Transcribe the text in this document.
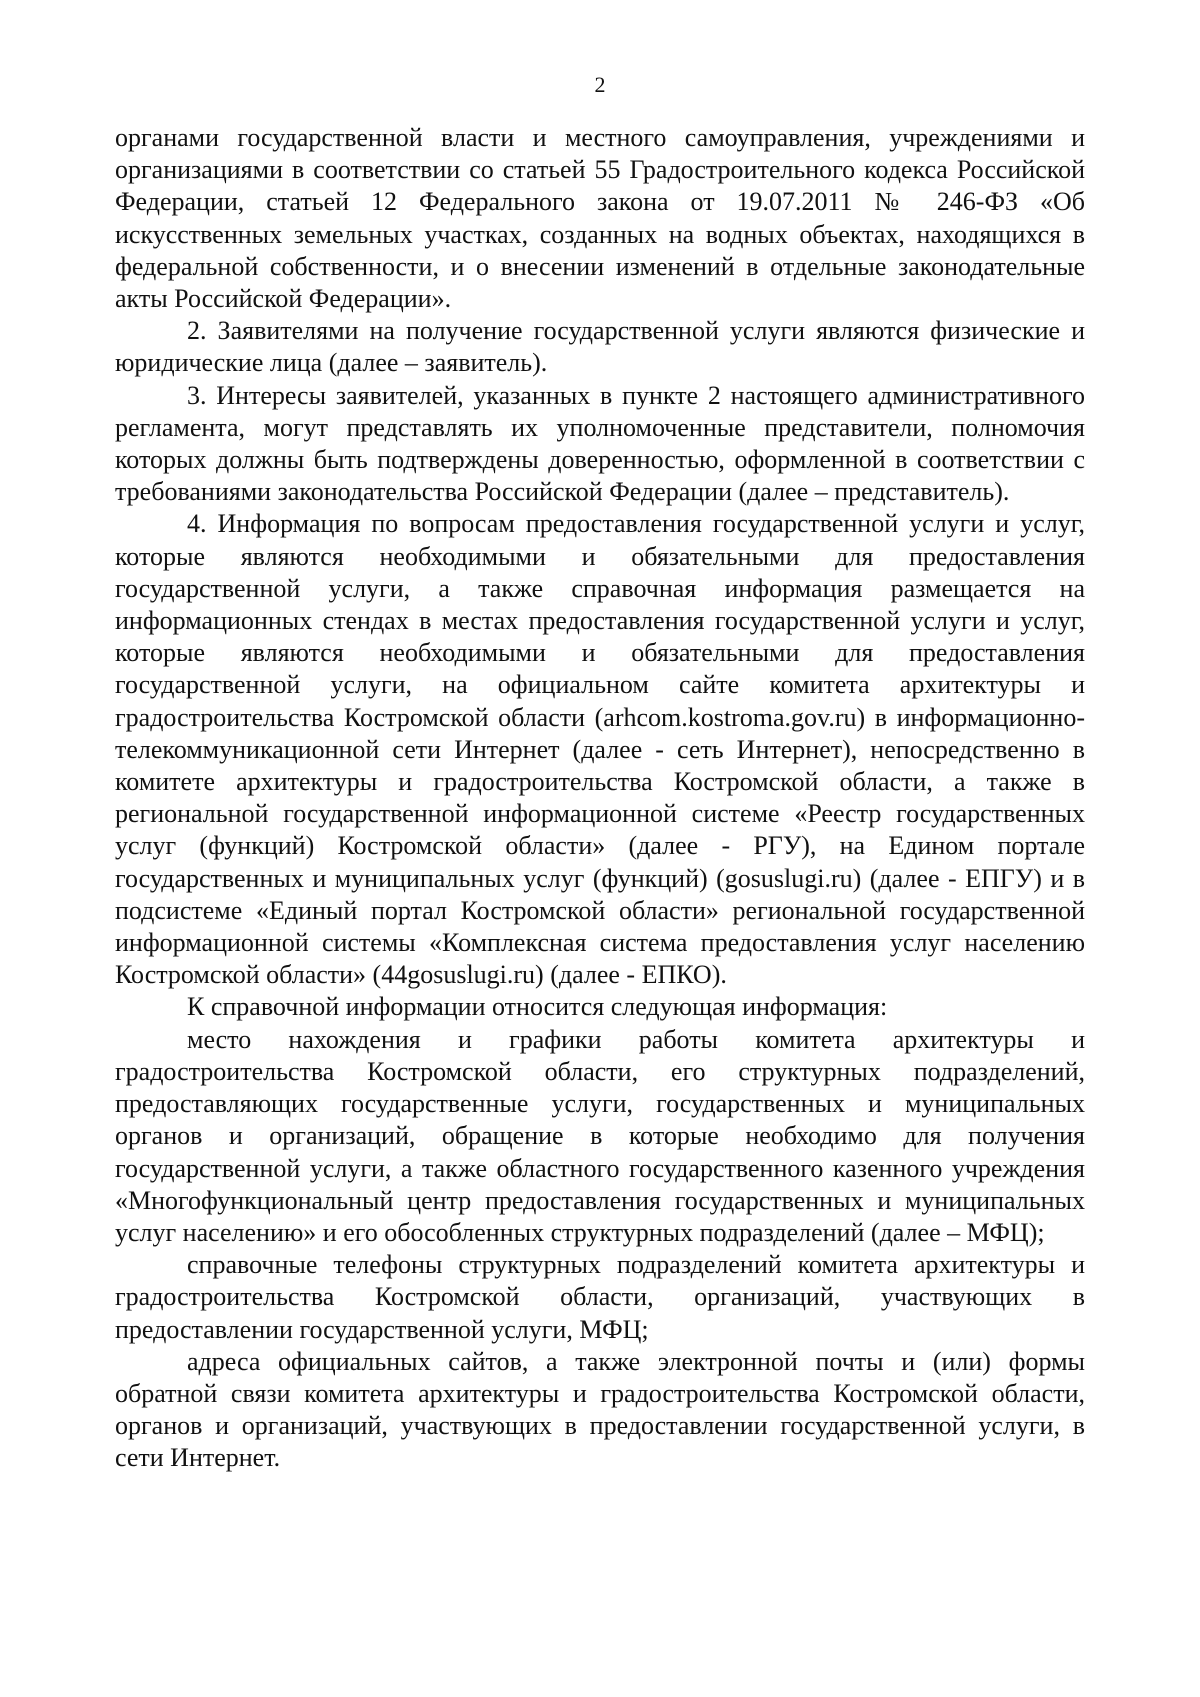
2

органами государственной власти и местного самоуправления, учреждениями и организациями в соответствии со статьей 55 Градостроительного кодекса Российской Федерации, статьей 12 Федерального закона от 19.07.2011 № 246-ФЗ «Об искусственных земельных участках, созданных на водных объектах, находящихся в федеральной собственности, и о внесении изменений в отдельные законодательные акты Российской Федерации».

2. Заявителями на получение государственной услуги являются физические и юридические лица (далее – заявитель).

3. Интересы заявителей, указанных в пункте 2 настоящего административного регламента, могут представлять их уполномоченные представители, полномочия которых должны быть подтверждены доверенностью, оформленной в соответствии с требованиями законодательства Российской Федерации (далее – представитель).

4. Информация по вопросам предоставления государственной услуги и услуг, которые являются необходимыми и обязательными для предоставления государственной услуги, а также справочная информация размещается на информационных стендах в местах предоставления государственной услуги и услуг, которые являются необходимыми и обязательными для предоставления государственной услуги, на официальном сайте комитета архитектуры и градостроительства Костромской области (arhcom.kostroma.gov.ru) в информационно-телекоммуникационной сети Интернет (далее - сеть Интернет), непосредственно в комитете архитектуры и градостроительства Костромской области, а также в региональной государственной информационной системе «Реестр государственных услуг (функций) Костромской области» (далее - РГУ), на Едином портале государственных и муниципальных услуг (функций) (gosuslugi.ru) (далее - ЕПГУ) и в подсистеме «Единый портал Костромской области» региональной государственной информационной системы «Комплексная система предоставления услуг населению Костромской области» (44gosuslugi.ru) (далее - ЕПКО).

К справочной информации относится следующая информация:

место нахождения и графики работы комитета архитектуры и градостроительства Костромской области, его структурных подразделений, предоставляющих государственные услуги, государственных и муниципальных органов и организаций, обращение в которые необходимо для получения государственной услуги, а также областного государственного казенного учреждения «Многофункциональный центр предоставления государственных и муниципальных услуг населению» и его обособленных структурных подразделений (далее – МФЦ);

справочные телефоны структурных подразделений комитета архитектуры и градостроительства Костромской области, организаций, участвующих в предоставлении государственной услуги, МФЦ;

адреса официальных сайтов, а также электронной почты и (или) формы обратной связи комитета архитектуры и градостроительства Костромской области, органов и организаций, участвующих в предоставлении государственной услуги, в сети Интернет.
